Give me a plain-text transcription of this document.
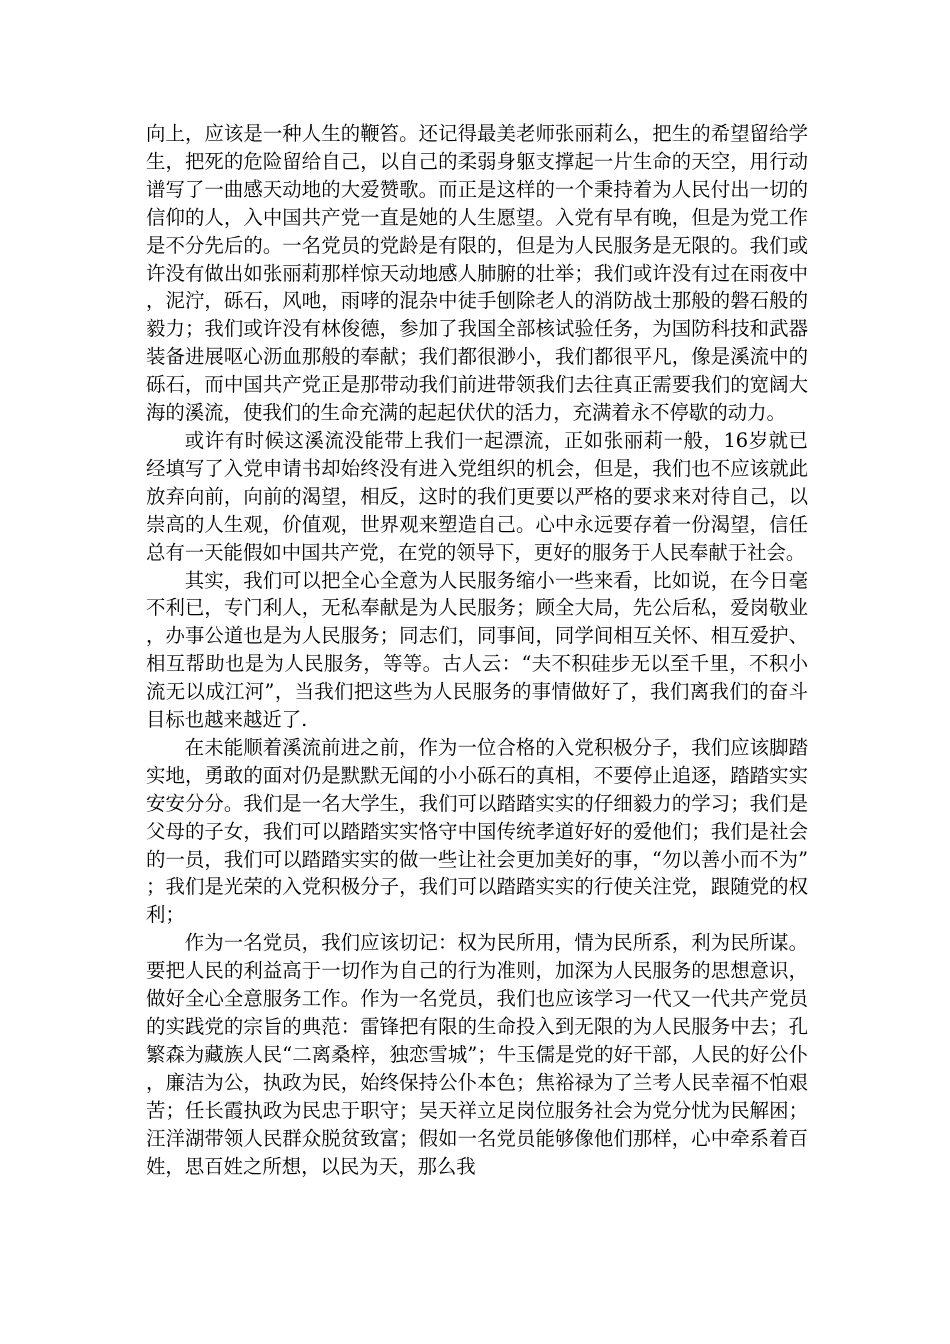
向上，应该是一种人生的鞭笞。还记得最美老师张丽莉么，把生的希望留给学生，把死的危险留给自己，以自己的柔弱身躯支撑起一片生命的天空，用行动谱写了一曲感天动地的大爱赞歌。而正是这样的一个秉持着为人民付出一切的信仰的人，入中国共产党一直是她的人生愿望。入党有早有晚，但是为党工作是不分先后的。一名党员的党龄是有限的，但是为人民服务是无限的。我们或许没有做出如张丽莉那样惊天动地感人肺腑的壮举；我们或许没有过在雨夜中，泥泞，砾石，风吔，雨哮的混杂中徒手刨除老人的消防战士那般的磐石般的毅力；我们或许没有林俊德，参加了我国全部核试验任务，为国防科技和武器装备进展呕心沥血那般的奉献；我们都很渺小，我们都很平凡，像是溪流中的砾石，而中国共产党正是那带动我们前进带领我们去往真正需要我们的宽阔大海的溪流，使我们的生命充满的起起伏伏的活力，充满着永不停歇的动力。

或许有时候这溪流没能带上我们一起漂流，正如张丽莉一般，16岁就已经填写了入党申请书却始终没有进入党组织的机会，但是，我们也不应该就此放弃向前，向前的渴望，相反，这时的我们更要以严格的要求来对待自己，以崇高的人生观，价值观，世界观来塑造自己。心中永远要存着一份渴望，信任总有一天能假如中国共产党，在党的领导下，更好的服务于人民奉献于社会。

其实，我们可以把全心全意为人民服务缩小一些来看，比如说，在今日毫不利已，专门利人，无私奉献是为人民服务；顾全大局，先公后私，爱岗敬业，办事公道也是为人民服务；同志们，同事间，同学间相互关怀、相互爱护、相互帮助也是为人民服务，等等。古人云：“夫不积硅步无以至千里，不积小流无以成江河”，当我们把这些为人民服务的事情做好了，我们离我们的奋斗目标也越来越近了.

在未能顺着溪流前进之前，作为一位合格的入党积极分子，我们应该脚踏实地，勇敢的面对仍是默默无闻的小小砾石的真相，不要停止追逐，踏踏实实安安分分。我们是一名大学生，我们可以踏踏实实的仔细毅力的学习；我们是父母的子女，我们可以踏踏实实恪守中国传统孝道好好的爱他们；我们是社会的一员，我们可以踏踏实实的做一些让社会更加美好的事，“勿以善小而不为”；我们是光荣的入党积极分子，我们可以踏踏实实的行使关注党，跟随党的权利；

作为一名党员，我们应该切记：权为民所用，情为民所系，利为民所谋。要把人民的利益高于一切作为自己的行为准则，加深为人民服务的思想意识，做好全心全意服务工作。作为一名党员，我们也应该学习一代又一代共产党员的实践党的宗旨的典范：雷锋把有限的生命投入到无限的为人民服务中去；孔繁森为藏族人民“二离桑梓，独恋雪城”；牛玉儒是党的好干部，人民的好公仆，廉洁为公，执政为民，始终保持公仆本色；焦裕禄为了兰考人民幸福不怕艰苦；任长霞执政为民忠于职守；吴天祥立足岗位服务社会为党分忧为民解困；汪洋湖带领人民群众脱贫致富；假如一名党员能够像他们那样，心中牵系着百姓，思百姓之所想，以民为天，那么我
